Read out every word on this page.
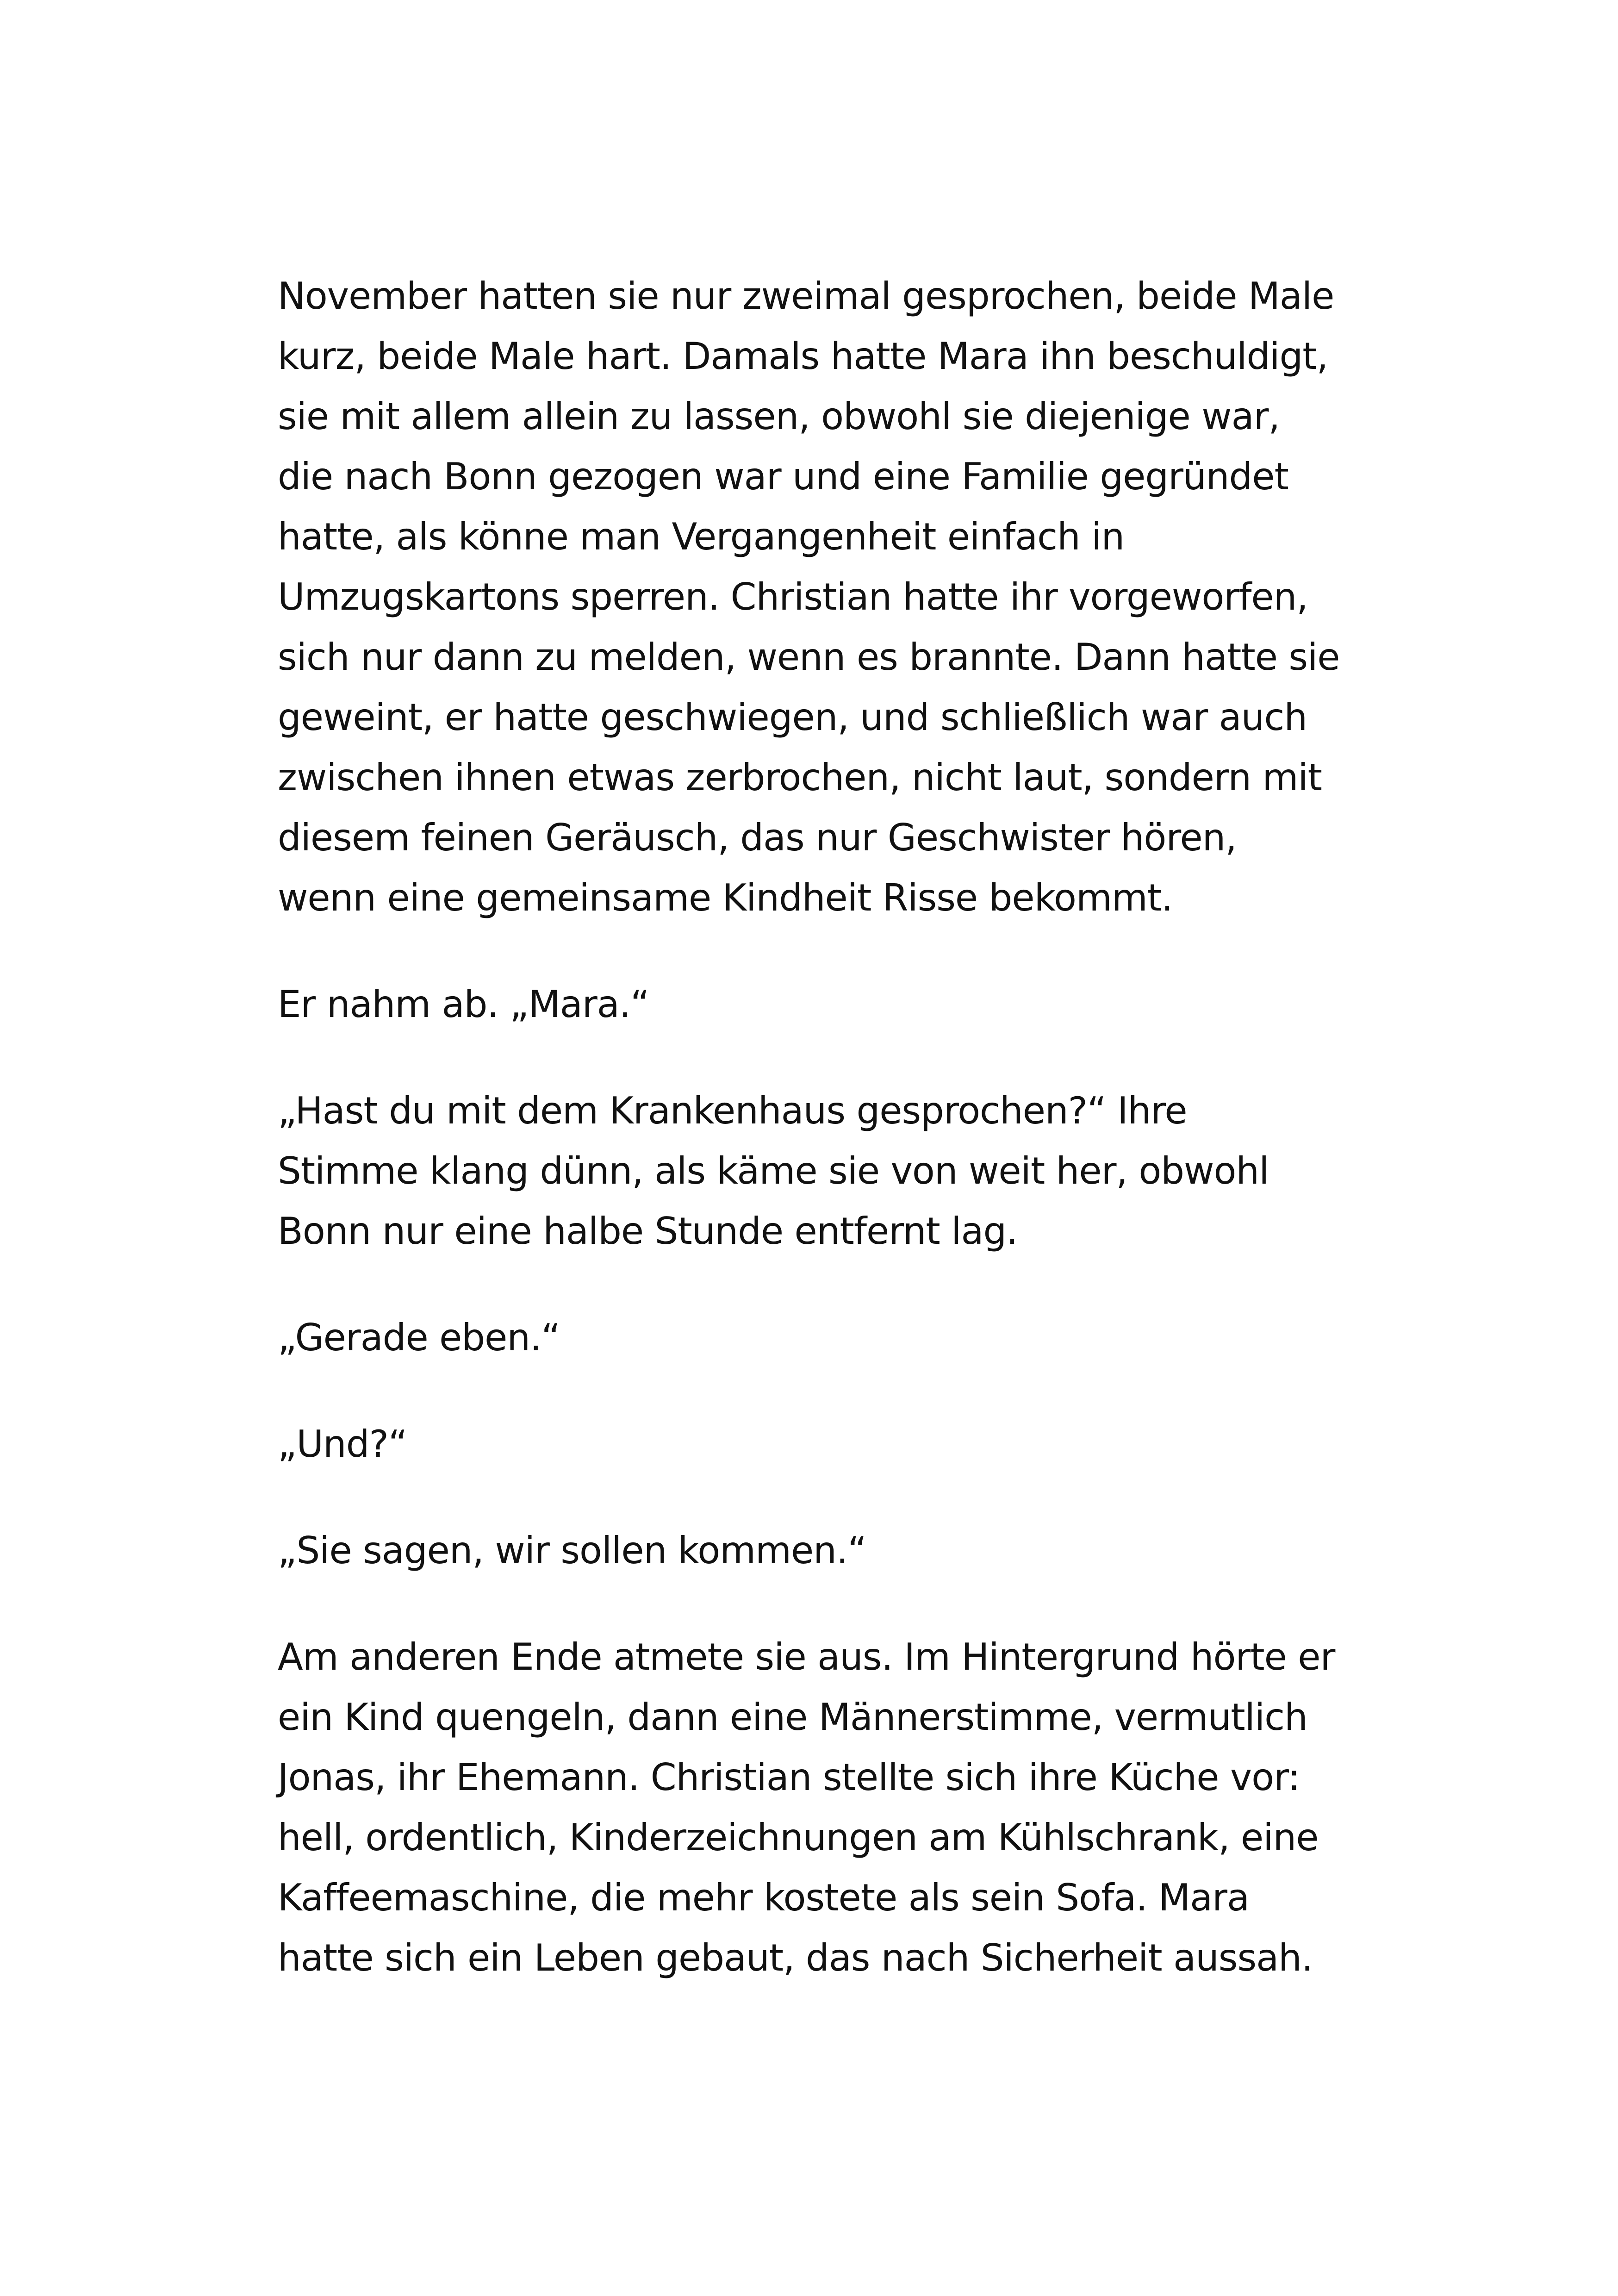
November hatten sie nur zweimal gesprochen, beide Male
kurz, beide Male hart. Damals hatte Mara ihn beschuldigt,
sie mit allem allein zu lassen, obwohl sie diejenige war,
die nach Bonn gezogen war und eine Familie gegründet
hatte, als könne man Vergangenheit einfach in
Umzugskartons sperren. Christian hatte ihr vorgeworfen,
sich nur dann zu melden, wenn es brannte. Dann hatte sie
geweint, er hatte geschwiegen, und schließlich war auch
zwischen ihnen etwas zerbrochen, nicht laut, sondern mit
diesem feinen Geräusch, das nur Geschwister hören,
wenn eine gemeinsame Kindheit Risse bekommt.
Er nahm ab. „Mara.“
„Hast du mit dem Krankenhaus gesprochen?“ Ihre
Stimme klang dünn, als käme sie von weit her, obwohl
Bonn nur eine halbe Stunde entfernt lag.
„Gerade eben.“
„Und?“
„Sie sagen, wir sollen kommen.“
Am anderen Ende atmete sie aus. Im Hintergrund hörte er
ein Kind quengeln, dann eine Männerstimme, vermutlich
Jonas, ihr Ehemann. Christian stellte sich ihre Küche vor:
hell, ordentlich, Kinderzeichnungen am Kühlschrank, eine
Kaffeemaschine, die mehr kostete als sein Sofa. Mara
hatte sich ein Leben gebaut, das nach Sicherheit aussah.
